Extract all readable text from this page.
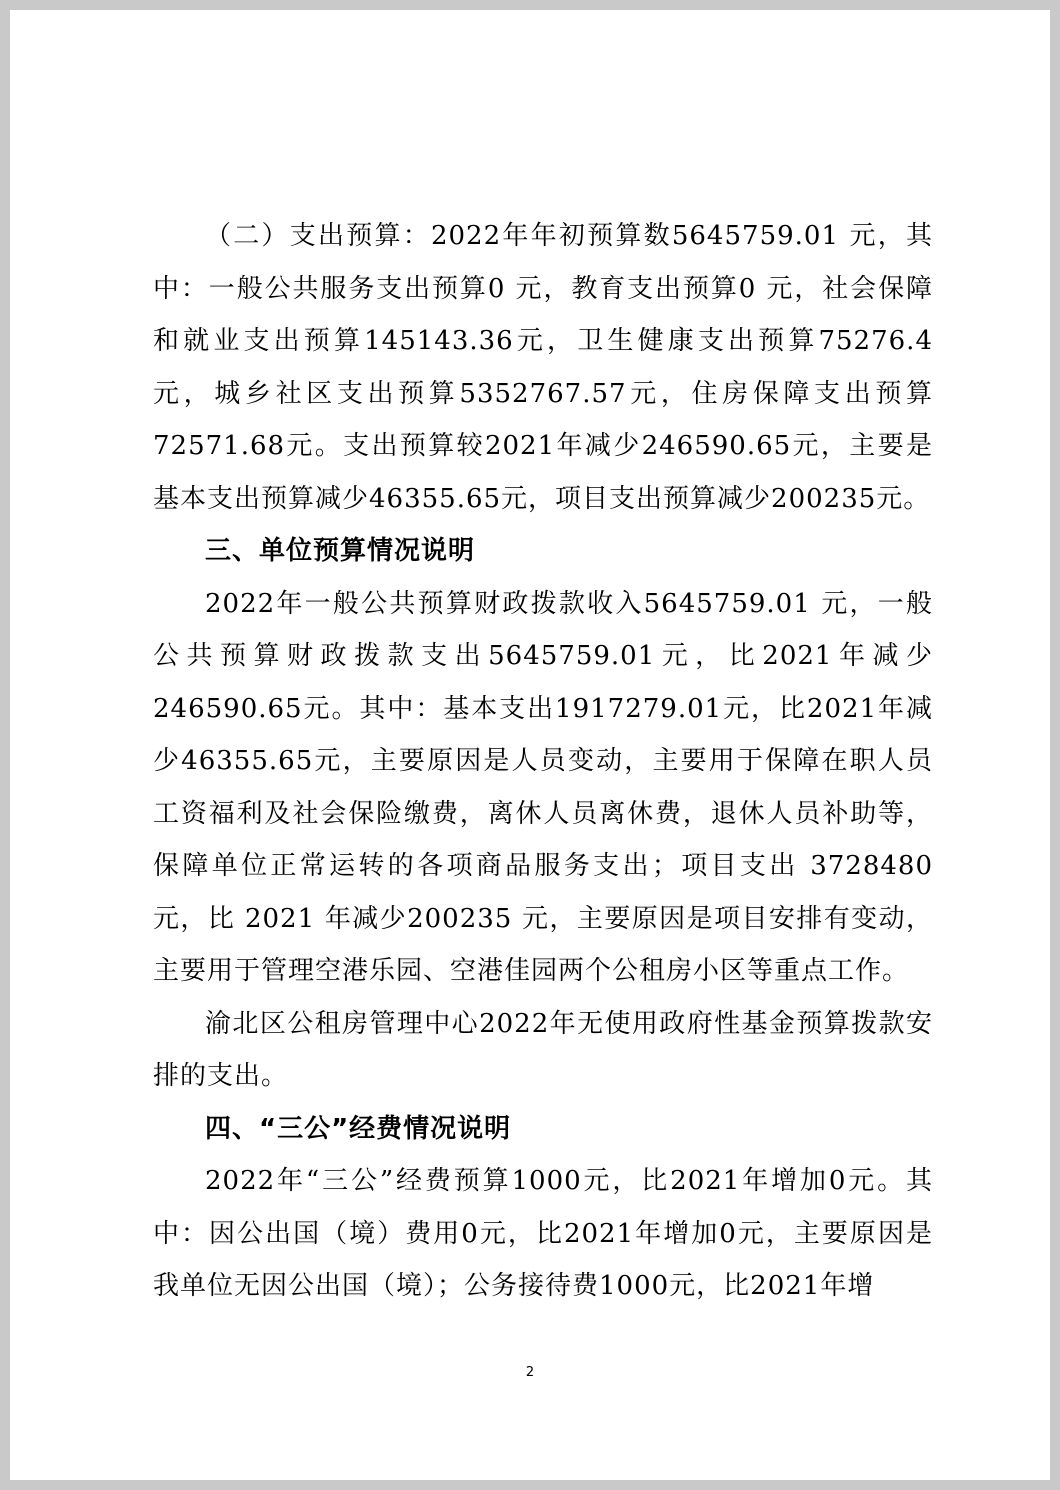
（二）支出预算：2022年年初预算数5645759.01 元，其中：一般公共服务支出预算0 元，教育支出预算0 元，社会保障和就业支出预算145143.36元，卫生健康支出预算75276.4 元，城乡社区支出预算5352767.57元，住房保障支出预算 72571.68元。支出预算较2021年减少246590.65元，主要是基本支出预算减少46355.65元，项目支出预算减少200235元。

三、单位预算情况说明

2022年一般公共预算财政拨款收入5645759.01 元，一般公共预算财政拨款支出5645759.01元，比2021年减少246590.65元。其中：基本支出1917279.01元，比2021年减少46355.65元，主要原因是人员变动，主要用于保障在职人员工资福利及社会保险缴费，离休人员离休费，退休人员补助等，保障单位正常运转的各项商品服务支出；项目支出 3728480 元，比 2021 年减少200235 元，主要原因是项目安排有变动，主要用于管理空港乐园、空港佳园两个公租房小区等重点工作。

渝北区公租房管理中心2022年无使用政府性基金预算拨款安排的支出。

四、“三公”经费情况说明

2022年“三公”经费预算1000元，比2021年增加0元。其中：因公出国（境）费用0元，比2021年增加0元，主要原因是我单位无因公出国（境）；公务接待费1000元，比2021年增

2
